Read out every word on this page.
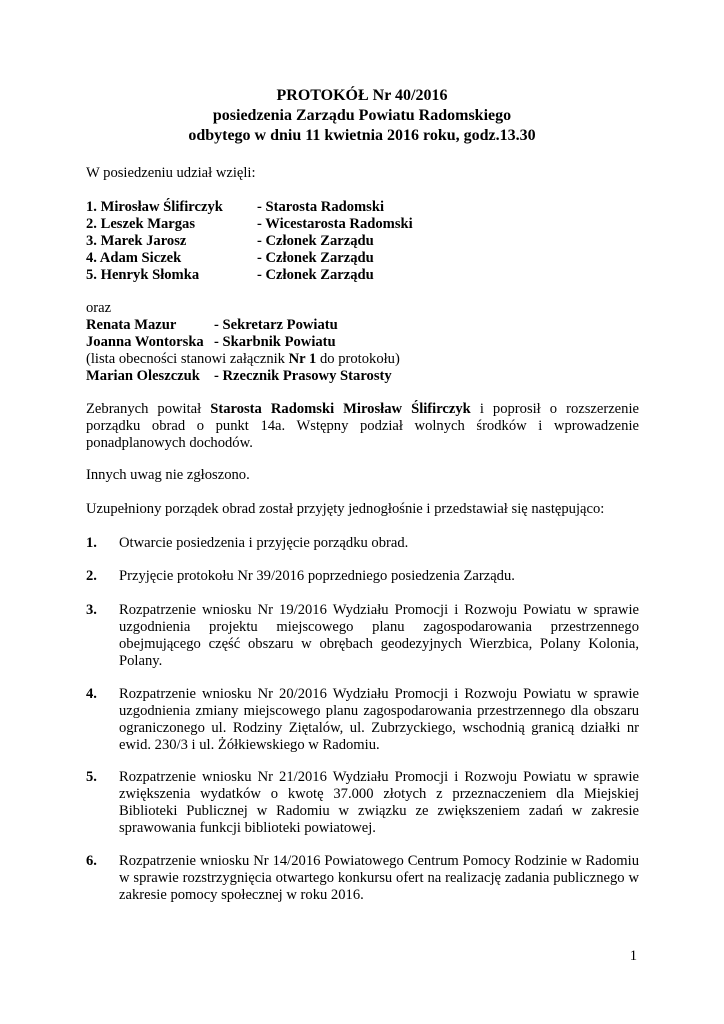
PROTOKÓŁ Nr 40/2016
posiedzenia Zarządu Powiatu Radomskiego
odbytego w dniu 11 kwietnia 2016 roku, godz.13.30
W posiedzeniu udział wzięli:
1. Mirosław Ślifirczyk - Starosta Radomski
2. Leszek Margas	- Wicestarosta Radomski
3. Marek Jarosz	- Członek Zarządu
4. Adam Siczek	- Członek Zarządu
5. Henryk Słomka	- Członek Zarządu
oraz
Renata Mazur	- Sekretarz Powiatu
Joanna Wontorska - Skarbnik Powiatu
(lista obecności stanowi załącznik Nr 1 do protokołu)
Marian Oleszczuk - Rzecznik Prasowy Starosty
Zebranych powitał Starosta Radomski Mirosław Ślifirczyk i poprosił o rozszerzenie porządku obrad o punkt 14a. Wstępny podział wolnych środków i wprowadzenie ponadplanowych dochodów.
Innych uwag nie zgłoszono.
Uzupełniony porządek obrad został przyjęty jednogłośnie i przedstawiał się następująco:
1. Otwarcie posiedzenia i przyjęcie porządku obrad.
2. Przyjęcie protokołu Nr 39/2016 poprzedniego posiedzenia Zarządu.
3. Rozpatrzenie wniosku Nr 19/2016 Wydziału Promocji i Rozwoju Powiatu w sprawie uzgodnienia projektu miejscowego planu zagospodarowania przestrzennego obejmującego część obszaru w obrębach geodezyjnych Wierzbica, Polany Kolonia, Polany.
4. Rozpatrzenie wniosku Nr 20/2016 Wydziału Promocji i Rozwoju Powiatu w sprawie uzgodnienia zmiany miejscowego planu zagospodarowania przestrzennego dla obszaru ograniczonego ul. Rodziny Ziętalów, ul. Zubrzyckiego, wschodnią granicą działki nr ewid. 230/3 i ul. Żółkiewskiego w Radomiu.
5. Rozpatrzenie wniosku Nr 21/2016 Wydziału Promocji i Rozwoju Powiatu w sprawie zwiększenia wydatków o kwotę 37.000 złotych z przeznaczeniem dla Miejskiej Biblioteki Publicznej w Radomiu w związku ze zwiększeniem zadań w zakresie sprawowania funkcji biblioteki powiatowej.
6. Rozpatrzenie wniosku Nr 14/2016 Powiatowego Centrum Pomocy Rodzinie w Radomiu w sprawie rozstrzygnięcia otwartego konkursu ofert na realizację zadania publicznego w zakresie pomocy społecznej w roku 2016.
1
